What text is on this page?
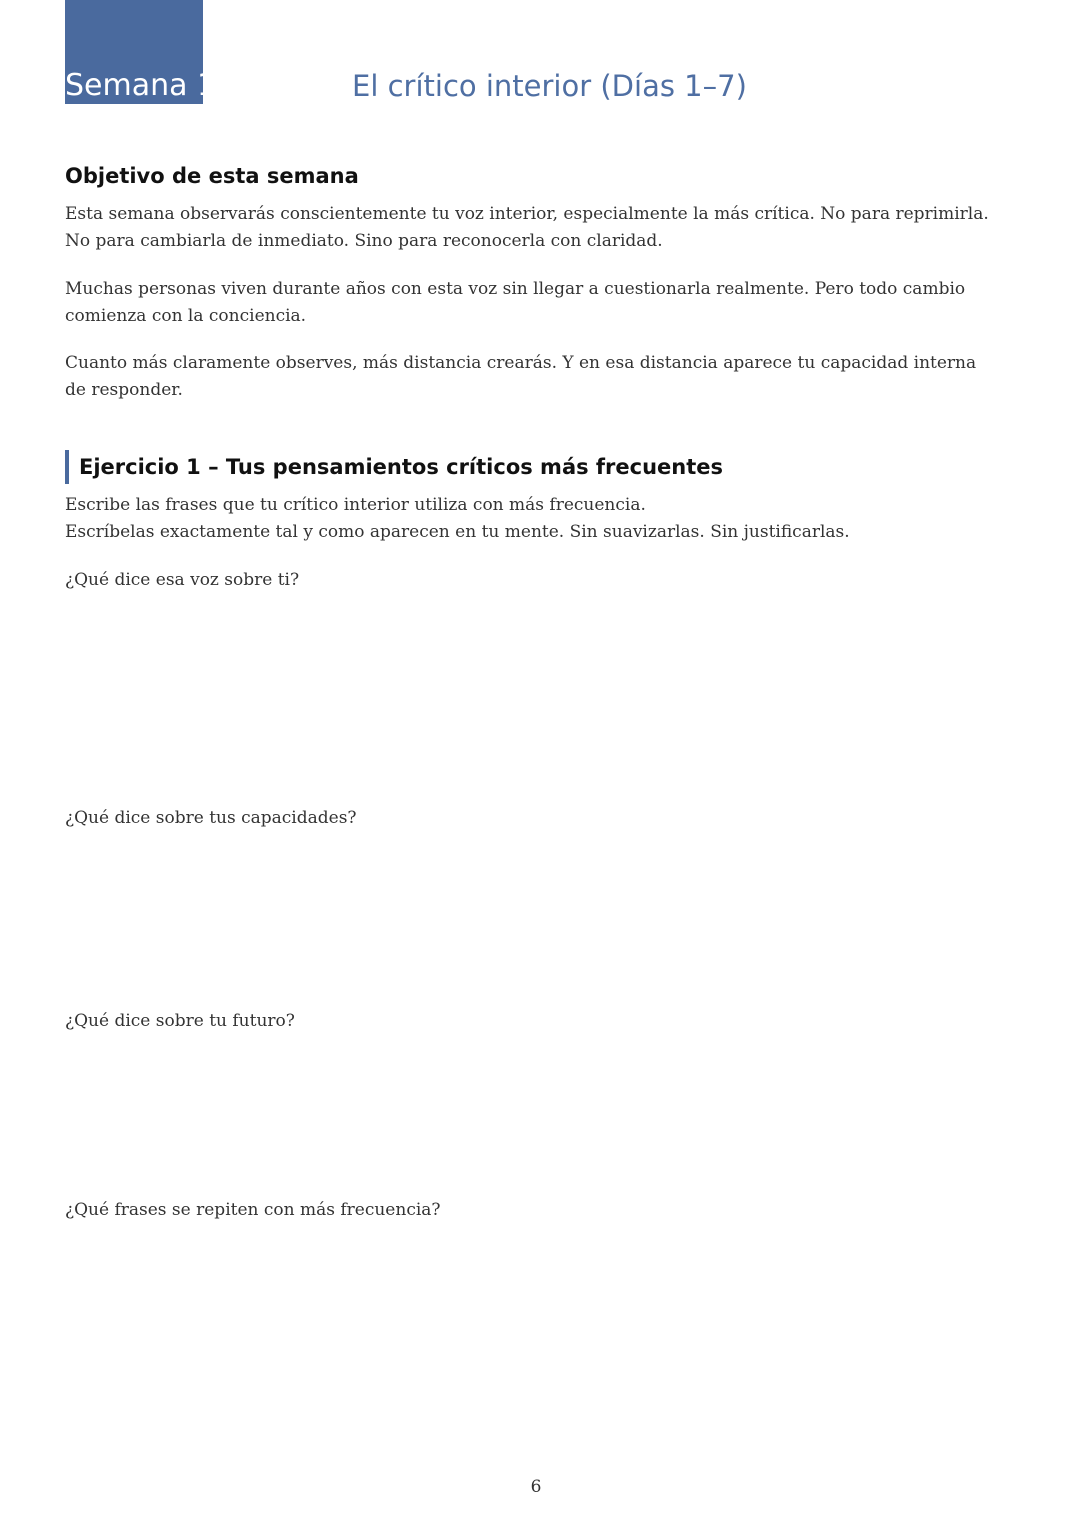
Semana 1	El crítico interior (Días 1–7)
Objetivo de esta semana

Esta semana observarás conscientemente tu voz interior, especialmente la más crítica. No para reprimirla.
No para cambiarla de inmediato. Sino para reconocerla con claridad.

Muchas personas viven durante años con esta voz sin llegar a cuestionarla realmente. Pero todo cambio
comienza con la conciencia.

Cuanto más claramente observes, más distancia crearás. Y en esa distancia aparece tu capacidad interna
de responder.

Ejercicio 1 – Tus pensamientos críticos más frecuentes

Escribe las frases que tu crítico interior utiliza con más frecuencia.
Escríbelas exactamente tal y como aparecen en tu mente. Sin suavizarlas. Sin justificarlas.

¿Qué dice esa voz sobre ti?

¿Qué dice sobre tus capacidades?

¿Qué dice sobre tu futuro?

¿Qué frases se repiten con más frecuencia?

6
